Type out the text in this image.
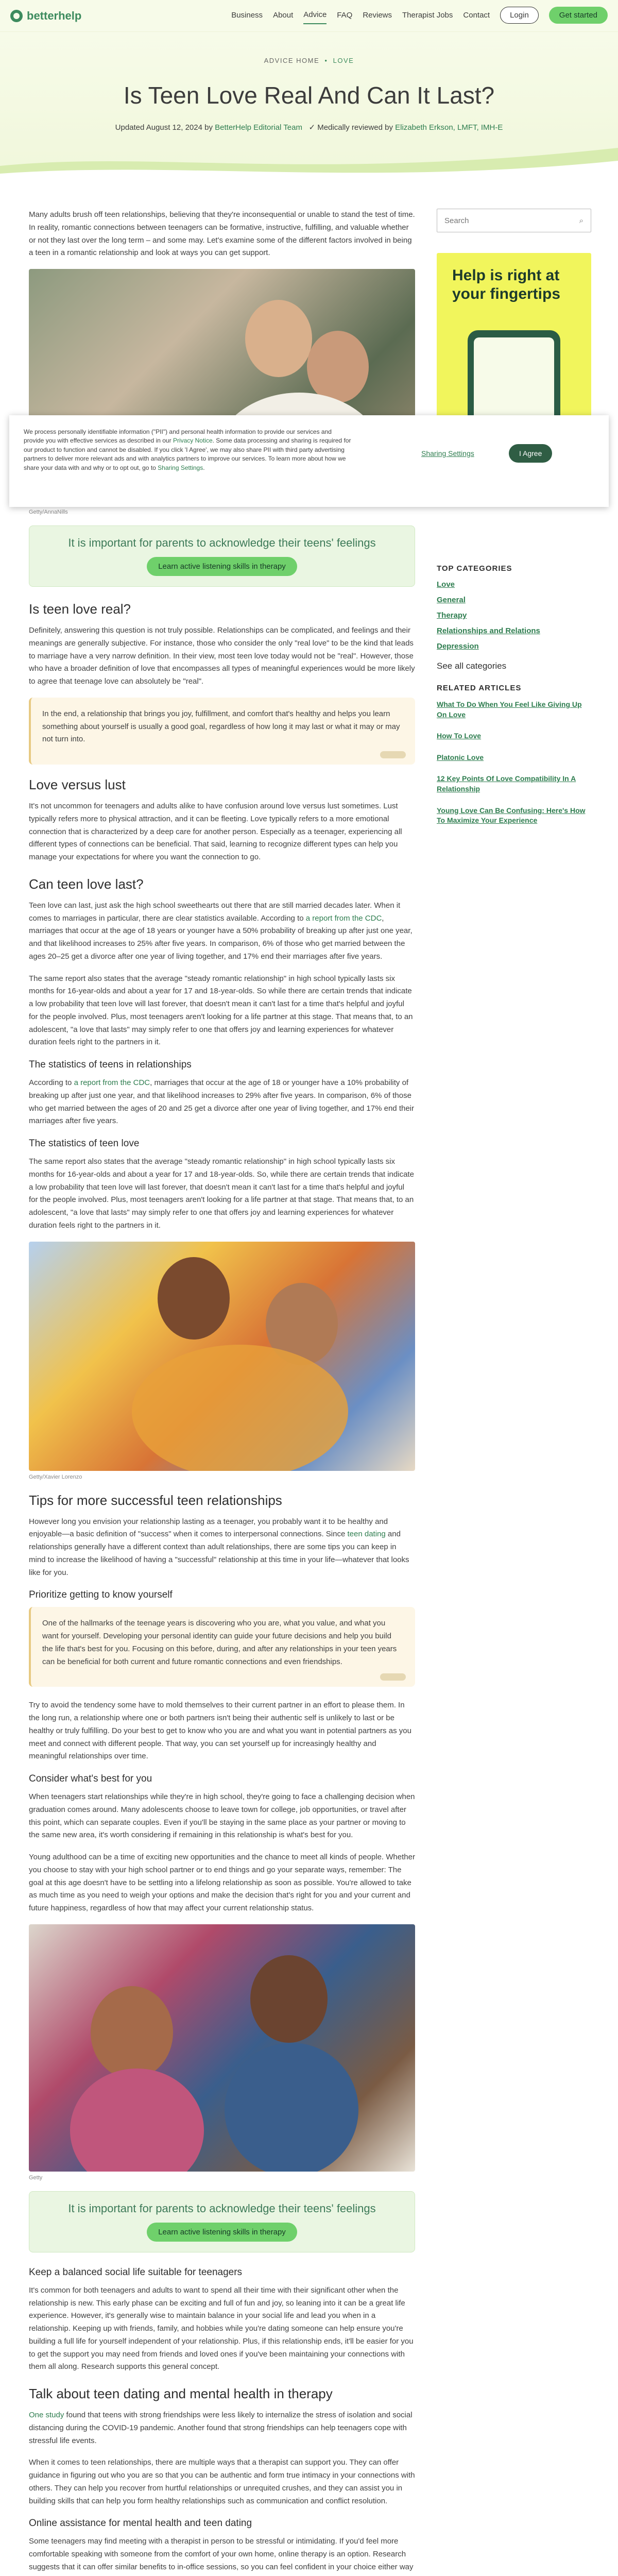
betterhelp	Business About Advice FAQ Reviews Therapist Jobs Contact	Login	Get started
ADVICE HOME • LOVE
Is Teen Love Real And Can It Last?
Updated August 12, 2024 by BetterHelp Editorial Team ✓ Medically reviewed by Elizabeth Erkson, LMFT, IMH-E

Many adults brush off teen relationships, believing that they're inconsequential or unable to stand the test of time. In reality, romantic connections between teenagers can be formative, instructive, fulfilling, and valuable whether or not they last over the long term – and some may. Let's examine some of the different factors involved in being a teen in a romantic relationship and look at ways you can get support.

Getty/AnnaNills
It is important for parents to acknowledge their teens' feelings
Learn active listening skills in therapy
Is teen love real?

Definitely, answering this question is not truly possible. Relationships can be complicated, and feelings and their meanings are generally subjective. For instance, those who consider the only "real love" to be the kind that leads to marriage have a very narrow definition. In their view, most teen love today would not be "real". However, those who have a broader definition of love that encompasses all types of meaningful experiences would be more likely to agree that teenage love can absolutely be "real".

In the end, a relationship that brings you joy, fulfillment, and comfort that's healthy and helps you learn something about yourself is usually a good goal, regardless of how long it may last or what it may or may not turn into.

Love versus lust

It's not uncommon for teenagers and adults alike to have confusion around love versus lust sometimes. Lust typically refers more to physical attraction, and it can be fleeting. Love typically refers to a more emotional connection that is characterized by a deep care for another person. Especially as a teenager, experiencing all different types of connections can be beneficial. That said, learning to recognize different types can help you manage your expectations for where you want the connection to go.

Can teen love last?

Teen love can last, just ask the high school sweethearts out there that are still married decades later. When it comes to marriages in particular, there are clear statistics available. According to a report from the CDC, marriages that occur at the age of 18 years or younger have a 50% probability of breaking up after just one year, and that likelihood increases to 25% after five years. In comparison, 6% of those who get married between the ages 20–25 get a divorce after one year of living together, and 17% end their marriages after five years.

The same report also states that the average "steady romantic relationship" in high school typically lasts six months for 16-year-olds and about a year for 17 and 18-year-olds. So while there are certain trends that indicate a low probability that teen love will last forever, that doesn't mean it can't last for a time that's helpful and joyful for the people involved. Plus, most teenagers aren't looking for a life partner at this stage. That means that, to an adolescent, "a love that lasts" may simply refer to one that offers joy and learning experiences for whatever duration feels right to the partners in it.

The statistics of teens in relationships

According to a report from the CDC, marriages that occur at the age of 18 or younger have a 10% probability of breaking up after just one year, and that likelihood increases to 29% after five years. In comparison, 6% of those who get married between the ages of 20 and 25 get a divorce after one year of living together, and 17% end their marriages after five years.

The statistics of teen love

The same report also states that the average "steady romantic relationship" in high school typically lasts six months for 16-year-olds and about a year for 17 and 18-year-olds. So, while there are certain trends that indicate a low probability that teen love will last forever, that doesn't mean it can't last for a time that's helpful and joyful for the people involved. Plus, most teenagers aren't looking for a life partner at that stage. That means that, to an adolescent, "a love that lasts" may simply refer to one that offers joy and learning experiences for whatever duration feels right to the partners in it.

Getty/Xavier Lorenzo
Tips for more successful teen relationships

However long you envision your relationship lasting as a teenager, you probably want it to be healthy and enjoyable—a basic definition of "success" when it comes to interpersonal connections. Since teen dating and relationships generally have a different context than adult relationships, there are some tips you can keep in mind to increase the likelihood of having a "successful" relationship at this time in your life—whatever that looks like for you.

Prioritize getting to know yourself

One of the hallmarks of the teenage years is discovering who you are, what you value, and what you want for yourself. Developing your personal identity can guide your future decisions and help you build the life that's best for you. Focusing on this before, during, and after any relationships in your teen years can be beneficial for both current and future romantic connections and even friendships.

Try to avoid the tendency some have to mold themselves to their current partner in an effort to please them. In the long run, a relationship where one or both partners isn't being their authentic self is unlikely to last or be healthy or truly fulfilling. Do your best to get to know who you are and what you want in potential partners as you meet and connect with different people. That way, you can set yourself up for increasingly healthy and meaningful relationships over time.

Consider what's best for you

When teenagers start relationships while they're in high school, they're going to face a challenging decision when graduation comes around. Many adolescents choose to leave town for college, job opportunities, or travel after this point, which can separate couples. Even if you'll be staying in the same place as your partner or moving to the same new area, it's worth considering if remaining in this relationship is what's best for you.

Young adulthood can be a time of exciting new opportunities and the chance to meet all kinds of people. Whether you choose to stay with your high school partner or to end things and go your separate ways, remember: The goal at this age doesn't have to be settling into a lifelong relationship as soon as possible. You're allowed to take as much time as you need to weigh your options and make the decision that's right for you and your current and future happiness, regardless of how that may affect your current relationship status.

Getty
It is important for parents to acknowledge their teens' feelings
Learn active listening skills in therapy
Keep a balanced social life suitable for teenagers

It's common for both teenagers and adults to want to spend all their time with their significant other when the relationship is new. This early phase can be exciting and full of fun and joy, so leaning into it can be a great life experience. However, it's generally wise to maintain balance in your social life and lead you when in a relationship. Keeping up with friends, family, and hobbies while you're dating someone can help ensure you're building a full life for yourself independent of your relationship. Plus, if this relationship ends, it'll be easier for you to get the support you may need from friends and loved ones if you've been maintaining your connections with them all along. Research supports this general concept.

Talk about teen dating and mental health in therapy

One study found that teens with strong friendships were less likely to internalize the stress of isolation and social distancing during the COVID-19 pandemic. Another found that strong friendships can help teenagers cope with stressful life events.

When it comes to teen relationships, there are multiple ways that a therapist can support you. They can offer guidance in figuring out who you are so that you can be authentic and form true intimacy in your connections with others. They can help you recover from hurtful relationships or unrequited crushes, and they can assist you in building skills that can help you form healthy relationships such as communication and conflict resolution.

Online assistance for mental health and teen dating

Some teenagers may find meeting with a therapist in person to be stressful or intimidating. If you'd feel more comfortable speaking with someone from the comfort of your own home, online therapy is an option. Research suggests that it can offer similar benefits to in-office sessions, so you can feel confident in your choice either way

Search	⌕
Help is right at your fingertips
TOP CATEGORIES
Love
General
Therapy
Relationships and Relations
Depression
See all categories
RELATED ARTICLES
What To Do When You Feel Like Giving Up On Love
How To Love
Platonic Love
12 Key Points Of Love Compatibility In A Relationship
Young Love Can Be Confusing: Here's How To Maximize Your Experience

We process personally identifiable information ("PII") and personal health information to provide our services and provide you with effective services as described in our Privacy Notice. Some data processing and sharing is required for our product to function and cannot be disabled. If you click 'I Agree', we may also share PII with third party advertising partners to deliver more relevant ads and with analytics partners to improve our services. To learn more about how we share your data with and why or to opt out, go to Sharing Settings.

Sharing Settings	I Agree
